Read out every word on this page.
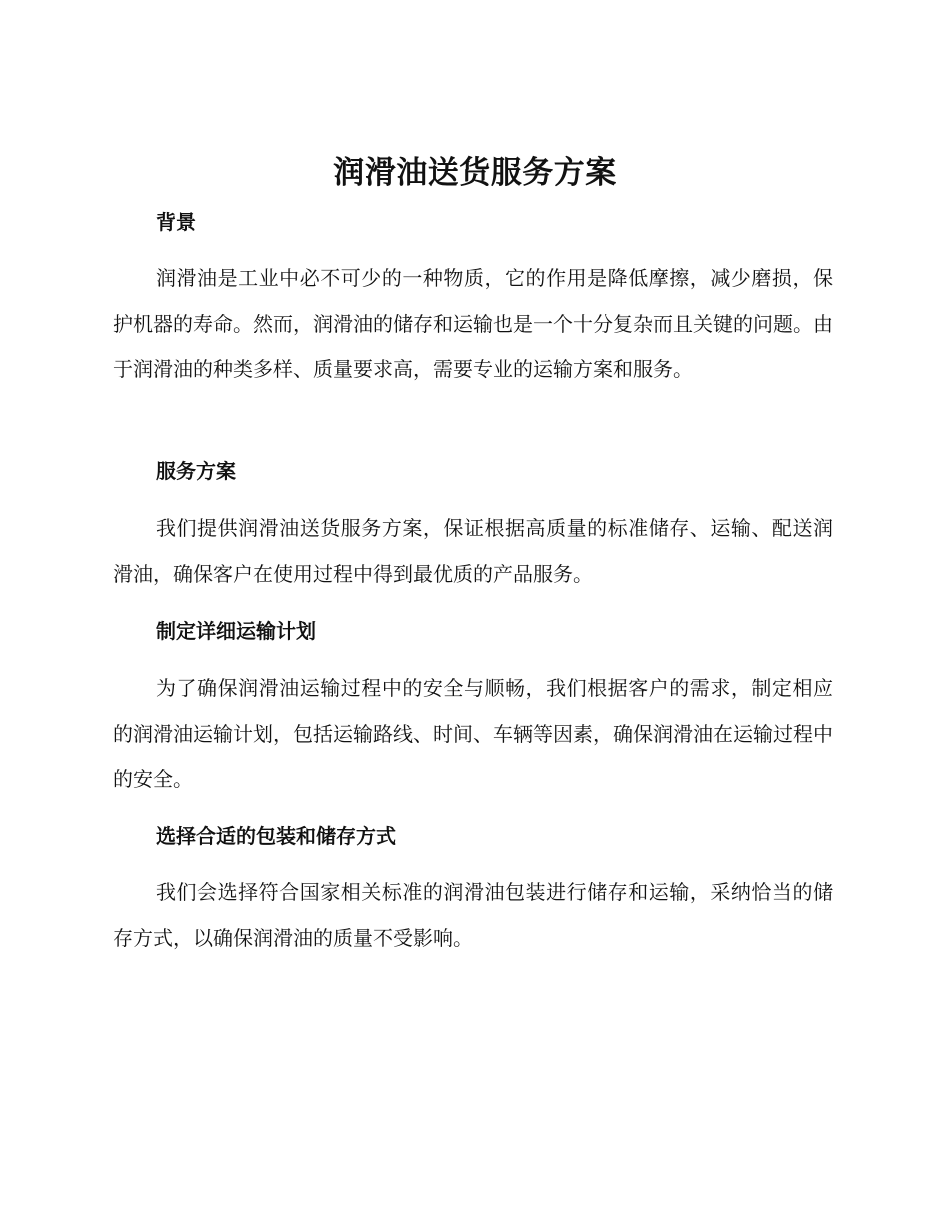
润滑油送货服务方案
背景

润滑油是工业中必不可少的一种物质，它的作用是降低摩擦，减少磨损，保护机器的寿命。然而，润滑油的储存和运输也是一个十分复杂而且关键的问题。由于润滑油的种类多样、质量要求高，需要专业的运输方案和服务。

服务方案

我们提供润滑油送货服务方案，保证根据高质量的标准储存、运输、配送润滑油，确保客户在使用过程中得到最优质的产品服务。

制定详细运输计划

为了确保润滑油运输过程中的安全与顺畅，我们根据客户的需求，制定相应的润滑油运输计划，包括运输路线、时间、车辆等因素，确保润滑油在运输过程中的安全。

选择合适的包装和储存方式

我们会选择符合国家相关标准的润滑油包装进行储存和运输，采纳恰当的储存方式，以确保润滑油的质量不受影响。
